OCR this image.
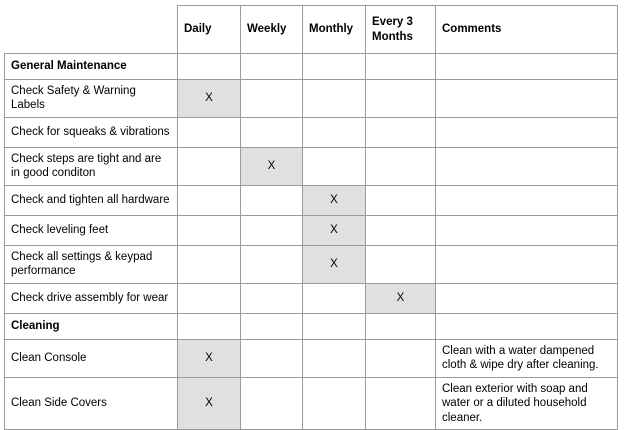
	Daily	Weekly	Monthly	Every 3 Months	Comments
General Maintenance					
Check Safety & Warning Labels	X				
Check for squeaks & vibrations					
Check steps are tight and are in good conditon		X			
Check and tighten all hardware			X		
Check leveling feet			X		
Check all settings & keypad performance			X		
Check drive assembly for wear				X	
Cleaning					
Clean Console	X				Clean with a water dampened cloth & wipe dry after cleaning.
Clean Side Covers	X				Clean exterior with soap and water or a diluted household cleaner.
